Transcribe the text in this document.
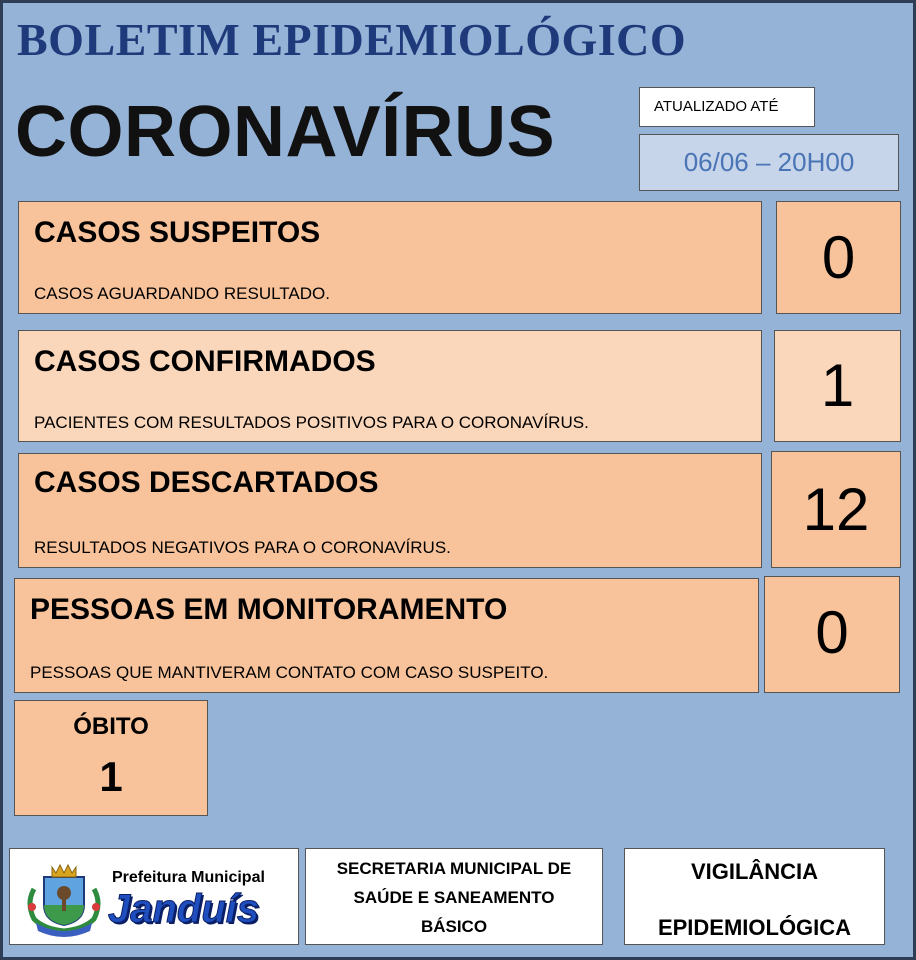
BOLETIM EPIDEMIOLÓGICO
CORONAVÍRUS	ATUALIZADO ATÉ
06/06 – 20H00
CASOS SUSPEITOS
CASOS AGUARDANDO RESULTADO.
0
CASOS CONFIRMADOS
PACIENTES COM RESULTADOS POSITIVOS PARA O CORONAVÍRUS.
1
CASOS DESCARTADOS
RESULTADOS NEGATIVOS PARA O CORONAVÍRUS.
12
PESSOAS EM MONITORAMENTO
PESSOAS QUE MANTIVERAM CONTATO COM CASO SUSPEITO.
0
ÓBITO
1
Prefeitura Municipal
Janduís
SECRETARIA MUNICIPAL DE
SAÚDE E SANEAMENTO
BÁSICO
VIGILÂNCIA
EPIDEMIOLÓGICA
